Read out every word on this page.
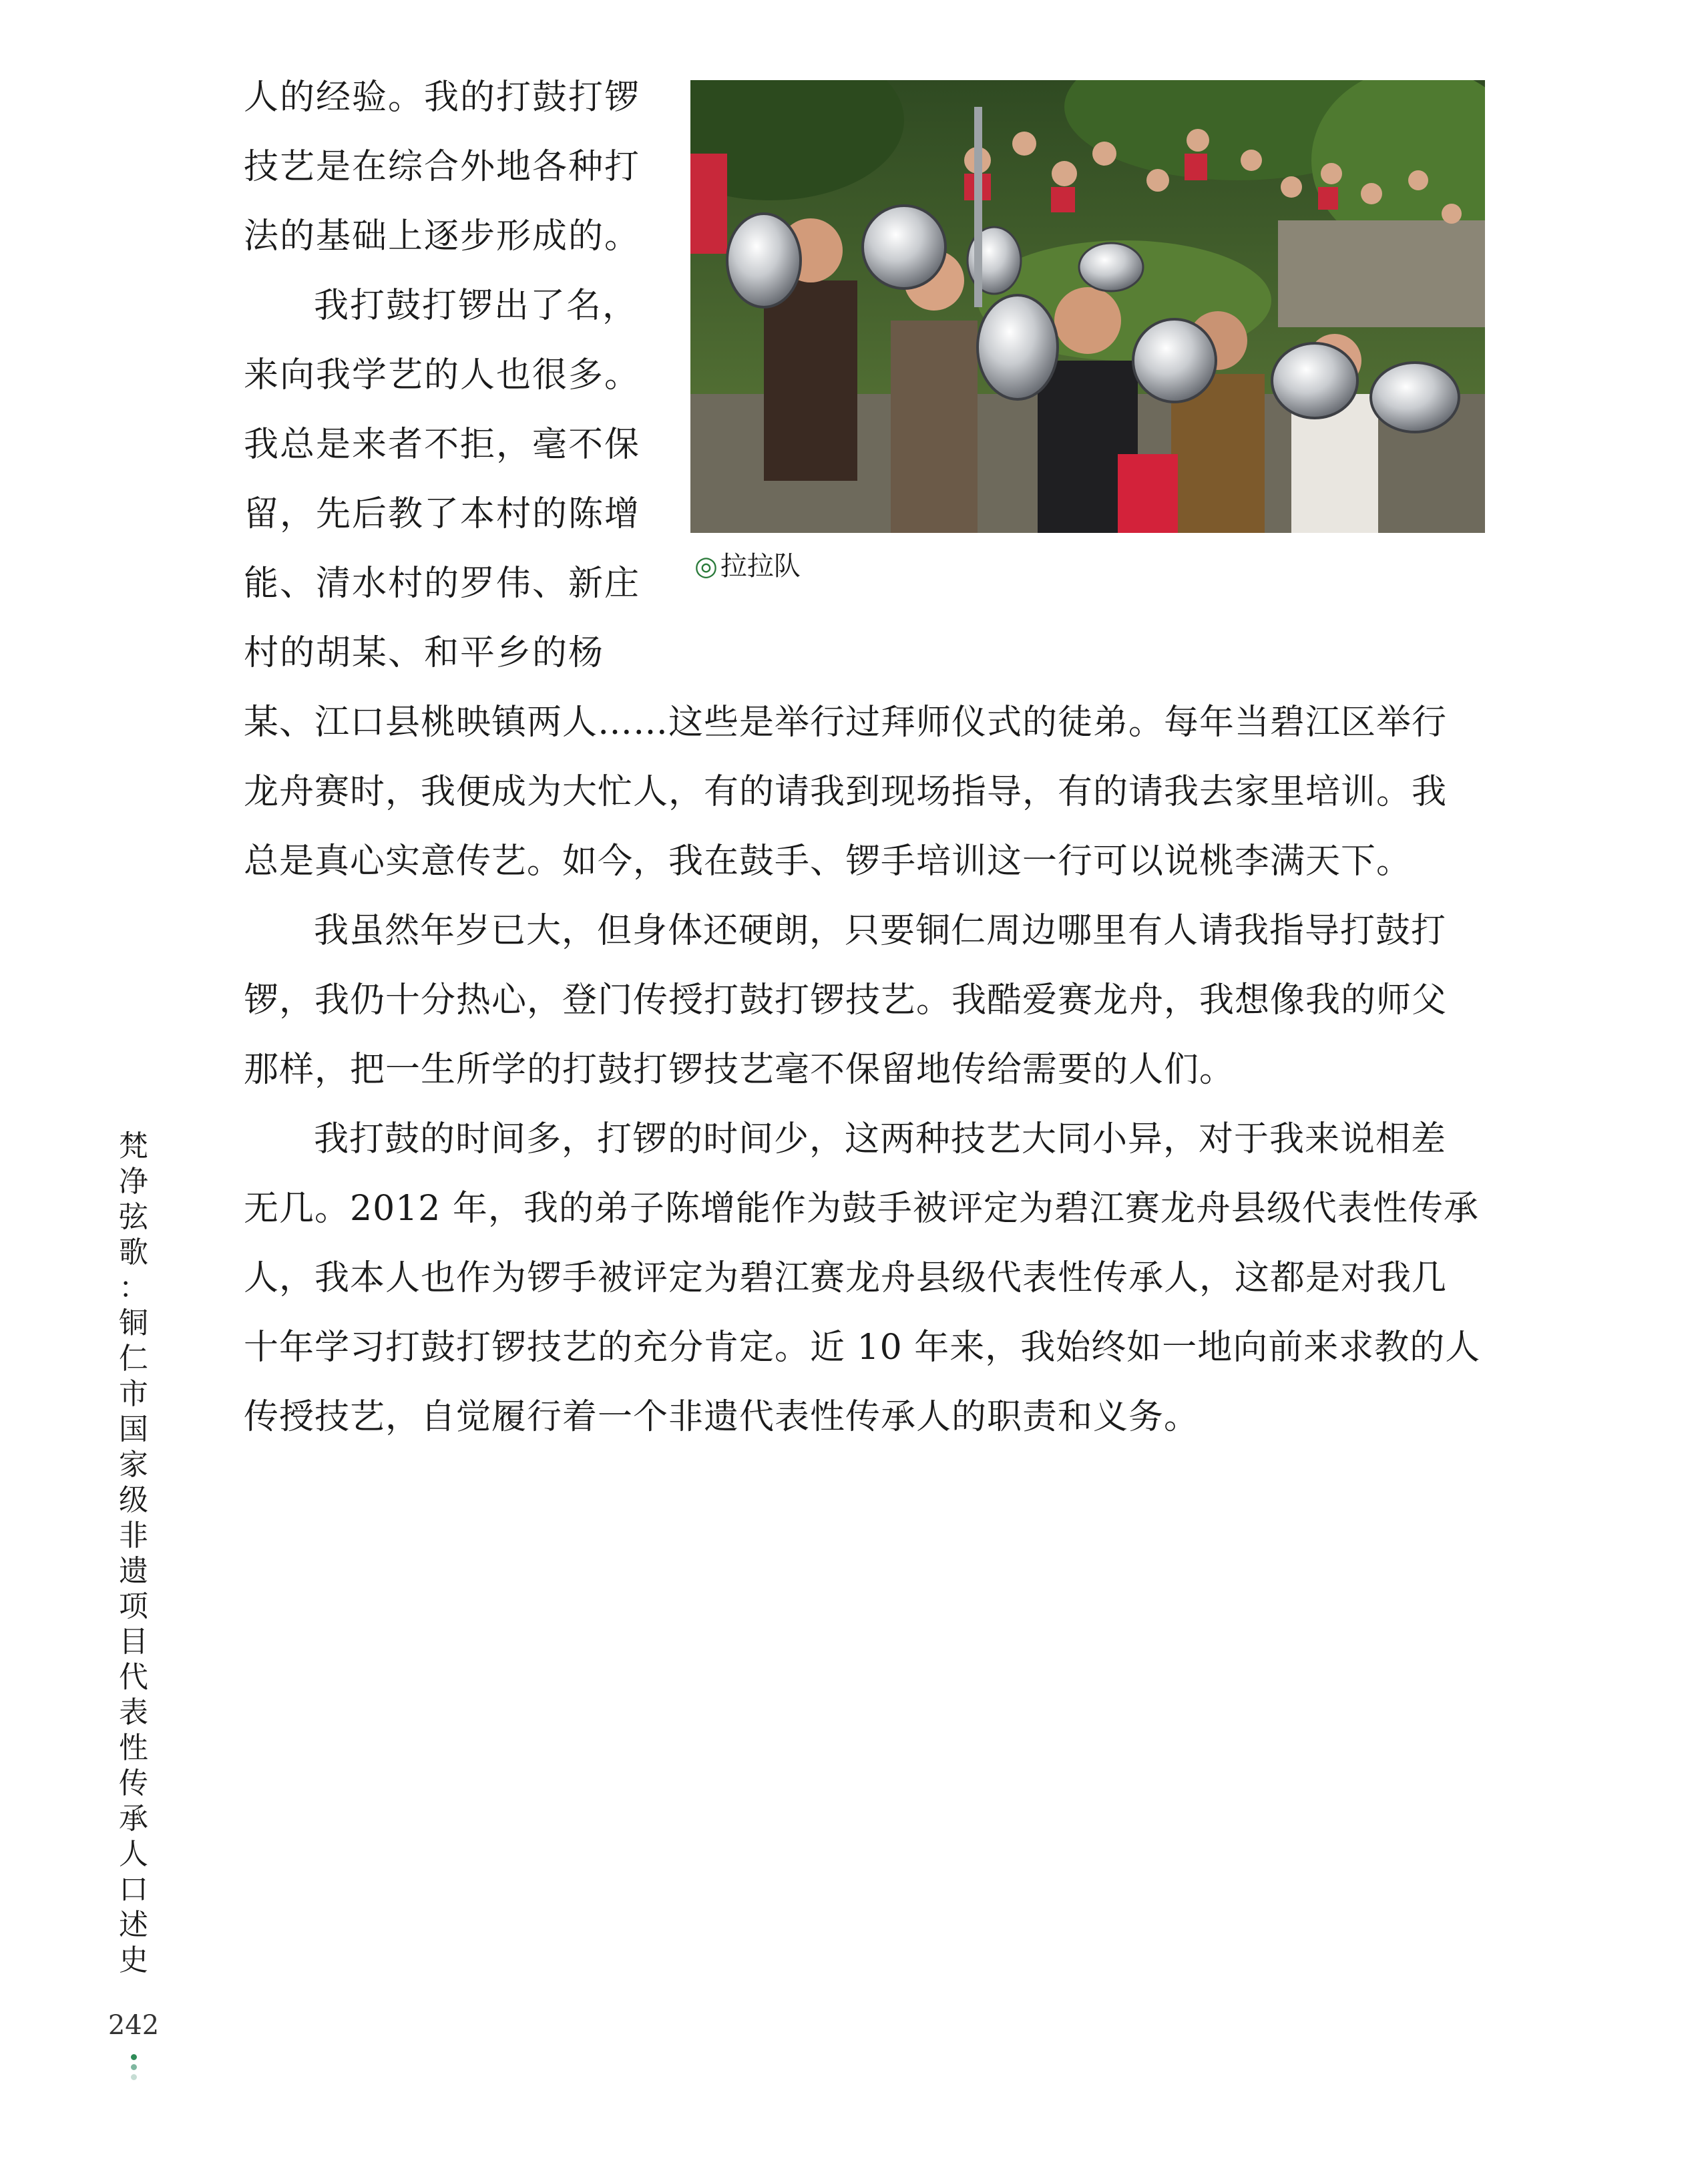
人的经验。我的打鼓打锣
技艺是在综合外地各种打
法的基础上逐步形成的。
我打鼓打锣出了名，
来向我学艺的人也很多。
我总是来者不拒，毫不保
留，先后教了本村的陈增
能、清水村的罗伟、新庄
村的胡某、和平乡的杨
某、江口县桃映镇两人……这些是举行过拜师仪式的徒弟。每年当碧江区举行
龙舟赛时，我便成为大忙人，有的请我到现场指导，有的请我去家里培训。我
总是真心实意传艺。如今，我在鼓手、锣手培训这一行可以说桃李满天下。
我虽然年岁已大，但身体还硬朗，只要铜仁周边哪里有人请我指导打鼓打
锣，我仍十分热心，登门传授打鼓打锣技艺。我酷爱赛龙舟，我想像我的师父
那样，把一生所学的打鼓打锣技艺毫不保留地传给需要的人们。
我打鼓的时间多，打锣的时间少，这两种技艺大同小异，对于我来说相差
无几。2012 年，我的弟子陈增能作为鼓手被评定为碧江赛龙舟县级代表性传承
人，我本人也作为锣手被评定为碧江赛龙舟县级代表性传承人，这都是对我几
十年学习打鼓打锣技艺的充分肯定。近 10 年来，我始终如一地向前来求教的人
传授技艺，自觉履行着一个非遗代表性传承人的职责和义务。
◎ 拉拉队
梵
净
弦
歌
：
铜
仁
市
国
家
级
非
遗
项
目
代
表
性
传
承
人
口
述
史
242
